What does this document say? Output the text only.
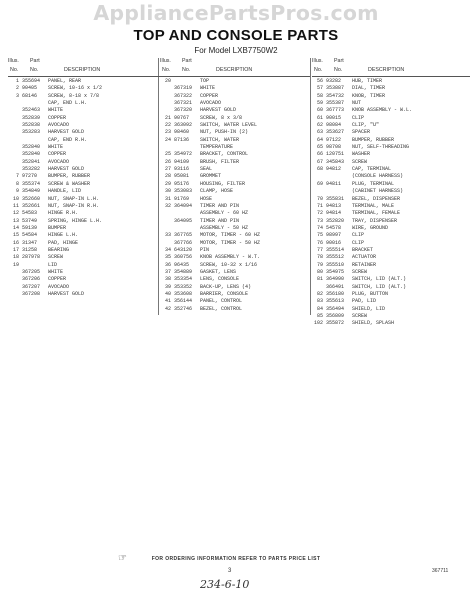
AppliancePartsPros.com
TOP AND CONSOLE PARTS
For Model LXB7750W2
Illus. Part
No. No.	DESCRIPTION
1 355694 PANEL, REAR
2 90405 SCREW, 10-16 x 1/2
3 68146 SCREW, 8-18 x 7/8
CAP, END L.H.
352463 WHITE
352839 COPPER
352838 AVOCADO
353283 HARVEST GOLD
CAP, END R.H.
352840 WHITE
352840 COPPER
352841 AVOCADO
353282 HARVEST GOLD
7 97270 BUMPER, RUBBER
8 355374 SCREW & WASHER
9 354849 HANDLE, LID
10 352660 NUT, SNAP-IN L.H.
11 352661 NUT, SNAP-IN R.H.
12 54583 HINGE R.H.
13 53749 SPRING, HINGE L.H.
14 59139 BUMPER
15 54584 HINGE L.H.
16 31347 PAD, HINGE
17 31258 BEARING
18 287978 SCREW
19	LID
367205 WHITE
367206 COPPER
367207 AVOCADO
367208 HARVEST GOLD
Illus. Part
No. No.	DESCRIPTION
20	TOP
367319 WHITE
367322 COPPER
367321 AVOCADO
367320 HARVEST GOLD
21 90767 SCREW, 8 x 3/8
22 363092 SWITCH, WATER LEVEL
23 98460 NUT, PUSH-IN (2)
24 87136 SWITCH, WATER
TEMPERATURE
25 354972 BRACKET, CONTROL
26 94109 BRUSH, FILTER
27 93116 SEAL
28 95081 GROMMET
29 95176 HOUSING, FILTER
30 353083 CLAMP, HOSE
31 91769 HOSE
32 364094 TIMER AND PIN
ASSEMBLY - 60 HZ
364095 TIMER AND PIN
ASSEMBLY - 50 HZ
33 367765 MOTOR, TIMER - 60 HZ
367766 MOTOR, TIMER - 50 HZ
34 643120 PIN
35 360756 KNOB ASSEMBLY - W.T.
36 96435 SCREW, 10-32 x 1/16
37 354889 GASKET, LENS
38 353354 LENS, CONSOLE
39 353352 BACK-UP, LENS (4)
40 353608 BARRIER, CONSOLE
41 356144 PANEL, CONTROL
42 352746 BEZEL, CONTROL
Illus. Part
No. No.	DESCRIPTION
56 93282 HUB, TIMER
57 353887 DIAL, TIMER
58 354732 KNOB, TIMER
59 355387 NUT
60 367773 KNOB ASSEMBLY - W.L.
61 90015 CLIP
62 98084 CLIP, "U"
63 353627 SPACER
64 97122 BUMPER, RUBBER
65 98708 NUT, SELF-THREADING
66 120751 WASHER
67 345843 SCREW
68 94812 CAP, TERMINAL
(CONSOLE HARNESS)
69 94811 PLUG, TERMINAL
(CABINET HARNESS)
70 355831 BEZEL, DISPENSER
71 94813 TERMINAL, MALE
72 94814 TERMINAL, FEMALE
73 352820 TRAY, DISPENSER
74 54578 WIRE, GROUND
75 98997 CLIP
76 90016 CLIP
77 355514 BRACKET
78 355512 ACTUATOR
79 355510 RETAINER
80 354975 SCREW
81 364990 SWITCH, LID (ALT.)
366491 SWITCH, LID (ALT.)
82 356180 PLUG, BUTTON
83 355613 PAD, LID
84 356494 SHIELD, LID
85 356809 SCREW
102 355872 SHIELD, SPLASH
☞	FOR ORDERING INFORMATION REFER TO PARTS PRICE LIST
3	367711
234-6-10
